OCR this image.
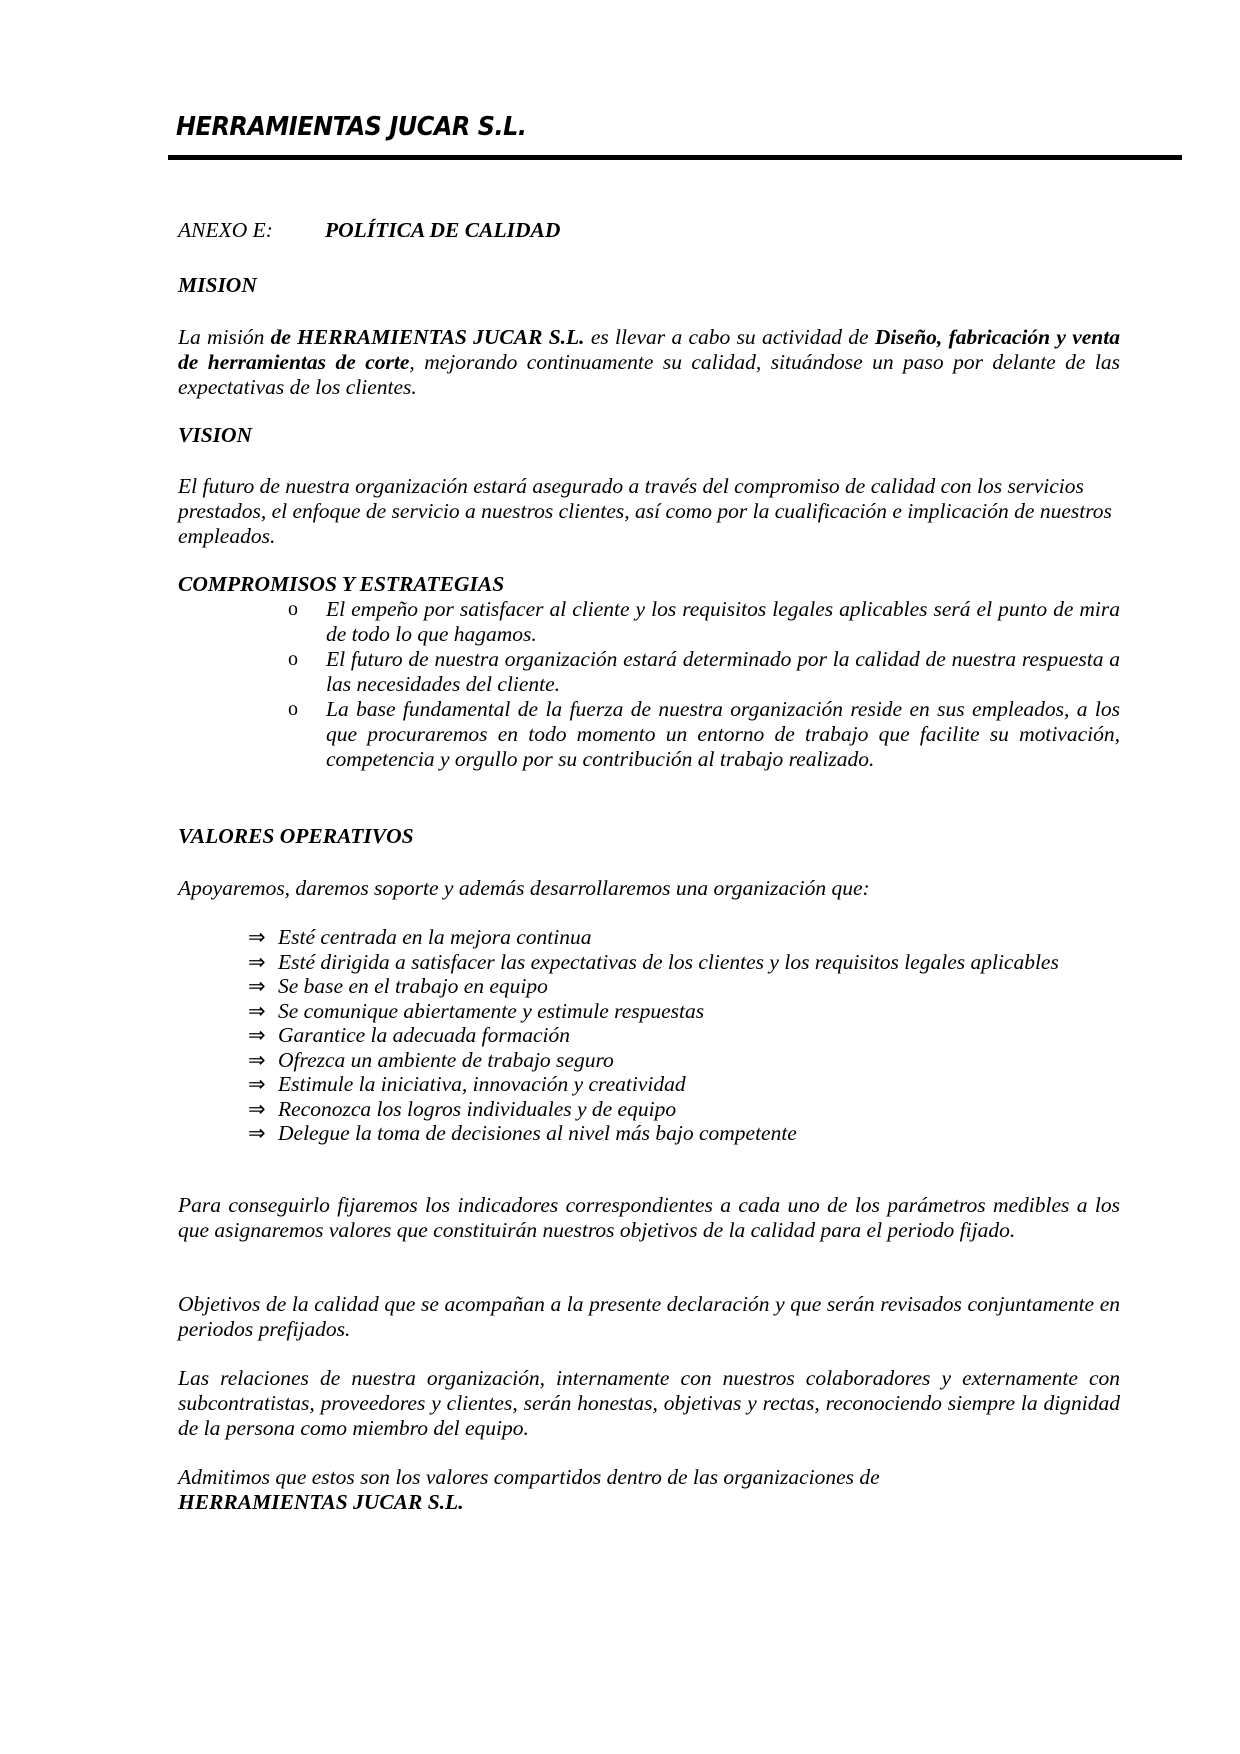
HERRAMIENTAS JUCAR S.L.
ANEXO E: POLÍTICA DE CALIDAD
MISION
La misión de HERRAMIENTAS JUCAR S.L. es llevar a cabo su actividad de Diseño, fabricación y venta de herramientas de corte, mejorando continuamente su calidad, situándose un paso por delante de las expectativas de los clientes.
VISION
El futuro de nuestra organización estará asegurado a través del compromiso de calidad con los servicios prestados, el enfoque de servicio a nuestros clientes, así como por la cualificación e implicación de nuestros empleados.
COMPROMISOS Y ESTRATEGIAS
o El empeño por satisfacer al cliente y los requisitos legales aplicables será el punto de mira de todo lo que hagamos.
o El futuro de nuestra organización estará determinado por la calidad de nuestra respuesta a las necesidades del cliente.
o La base fundamental de la fuerza de nuestra organización reside en sus empleados, a los que procuraremos en todo momento un entorno de trabajo que facilite su motivación, competencia y orgullo por su contribución al trabajo realizado.
VALORES OPERATIVOS
Apoyaremos, daremos soporte y además desarrollaremos una organización que:
⇒ Esté centrada en la mejora continua
⇒ Esté dirigida a satisfacer las expectativas de los clientes y los requisitos legales aplicables
⇒ Se base en el trabajo en equipo
⇒ Se comunique abiertamente y estimule respuestas
⇒ Garantice la adecuada formación
⇒ Ofrezca un ambiente de trabajo seguro
⇒ Estimule la iniciativa, innovación y creatividad
⇒ Reconozca los logros individuales y de equipo
⇒ Delegue la toma de decisiones al nivel más bajo competente
Para conseguirlo fijaremos los indicadores correspondientes a cada uno de los parámetros medibles a los que asignaremos valores que constituirán nuestros objetivos de la calidad para el periodo fijado.
Objetivos de la calidad que se acompañan a la presente declaración y que serán revisados conjuntamente en periodos prefijados.
Las relaciones de nuestra organización, internamente con nuestros colaboradores y externamente con subcontratistas, proveedores y clientes, serán honestas, objetivas y rectas, reconociendo siempre la dignidad de la persona como miembro del equipo.
Admitimos que estos son los valores compartidos dentro de las organizaciones de
HERRAMIENTAS JUCAR S.L.
